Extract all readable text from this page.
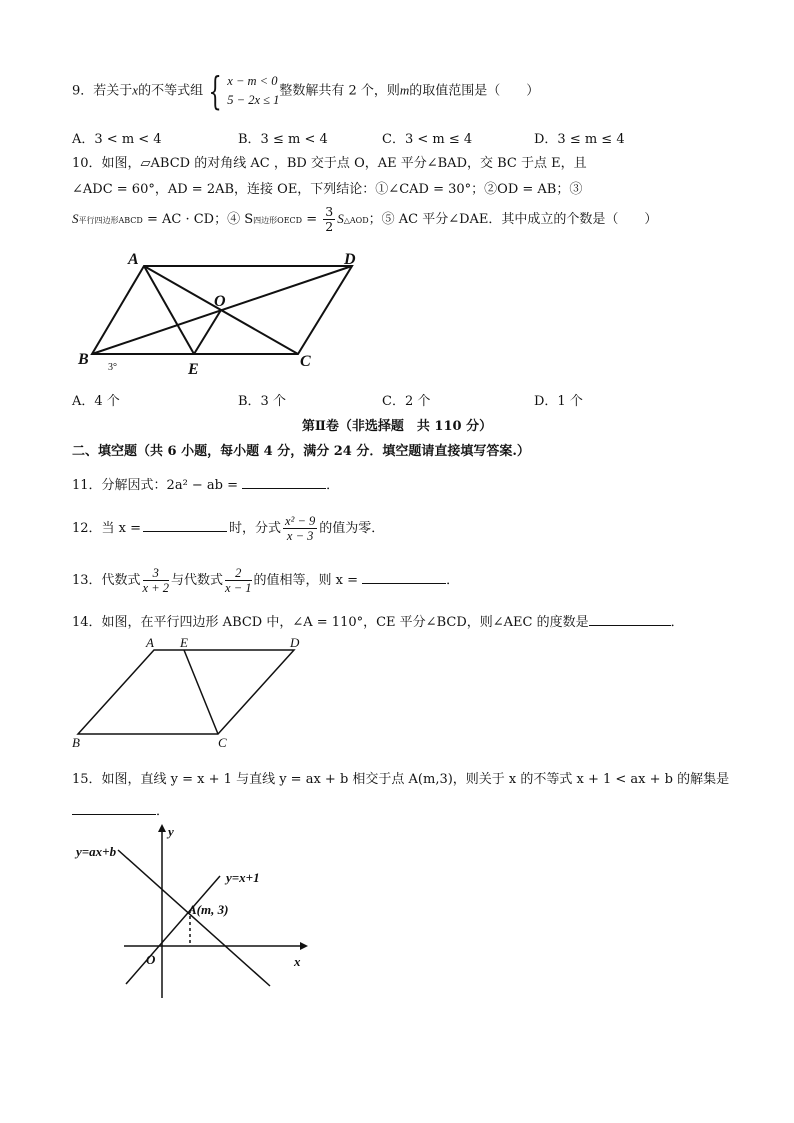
9．若关于x的不等式组 { x − m < 0
5 − 2x ≤ 1
整数解共有 2 个，则m的取值范围是（　　）
A．3 < m < 4	B．3 ≤ m < 4	C．3 < m ≤ 4	D．3 ≤ m ≤ 4
10．如图，▱ABCD 的对角线 AC ，BD 交于点 O，AE 平分∠BAD，交 BC 于点 E，且
∠ADC = 60°，AD = 2AB，连接 OE，下列结论：①∠CAD = 30°；②OD = AB；③
S平行四边形ABCD = AC · CD；④ S四边形OECD = $\frac{3}{2}$ S△AOD；⑤ AC 平分∠DAE．其中成立的个数是（　　）
A	D
O
B
E	C
3°
A．4 个	B．3 个	C．2 个	D．1 个
第Ⅱ卷（非选择题　共 110 分）
二、填空题（共 6 小题，每小题 4 分，满分 24 分．填空题请直接填写答案.）
11．分解因式：2a² − ab =	．
12．当 x =	时，分式 $\frac{\text{x² − 9}}{x - 3}$ 的值为零．
13．代数式 $\frac{3}{x + 2}$ 与代数式 $\frac{2}{x - 1}$ 的值相等，则 x =	．
14．如图，在平行四边形 ABCD 中，∠A = 110°，CE 平分∠BCD，则∠AEC 的度数是	．
A E	D
B	C
15．如图，直线 y = x + 1 与直线 y = ax + b 相交于点 A(m,3)，则关于 x 的不等式 x + 1 < ax + b 的解集是
．
y=ax+b
y=x+1
A(m, 3)
O	x
y
